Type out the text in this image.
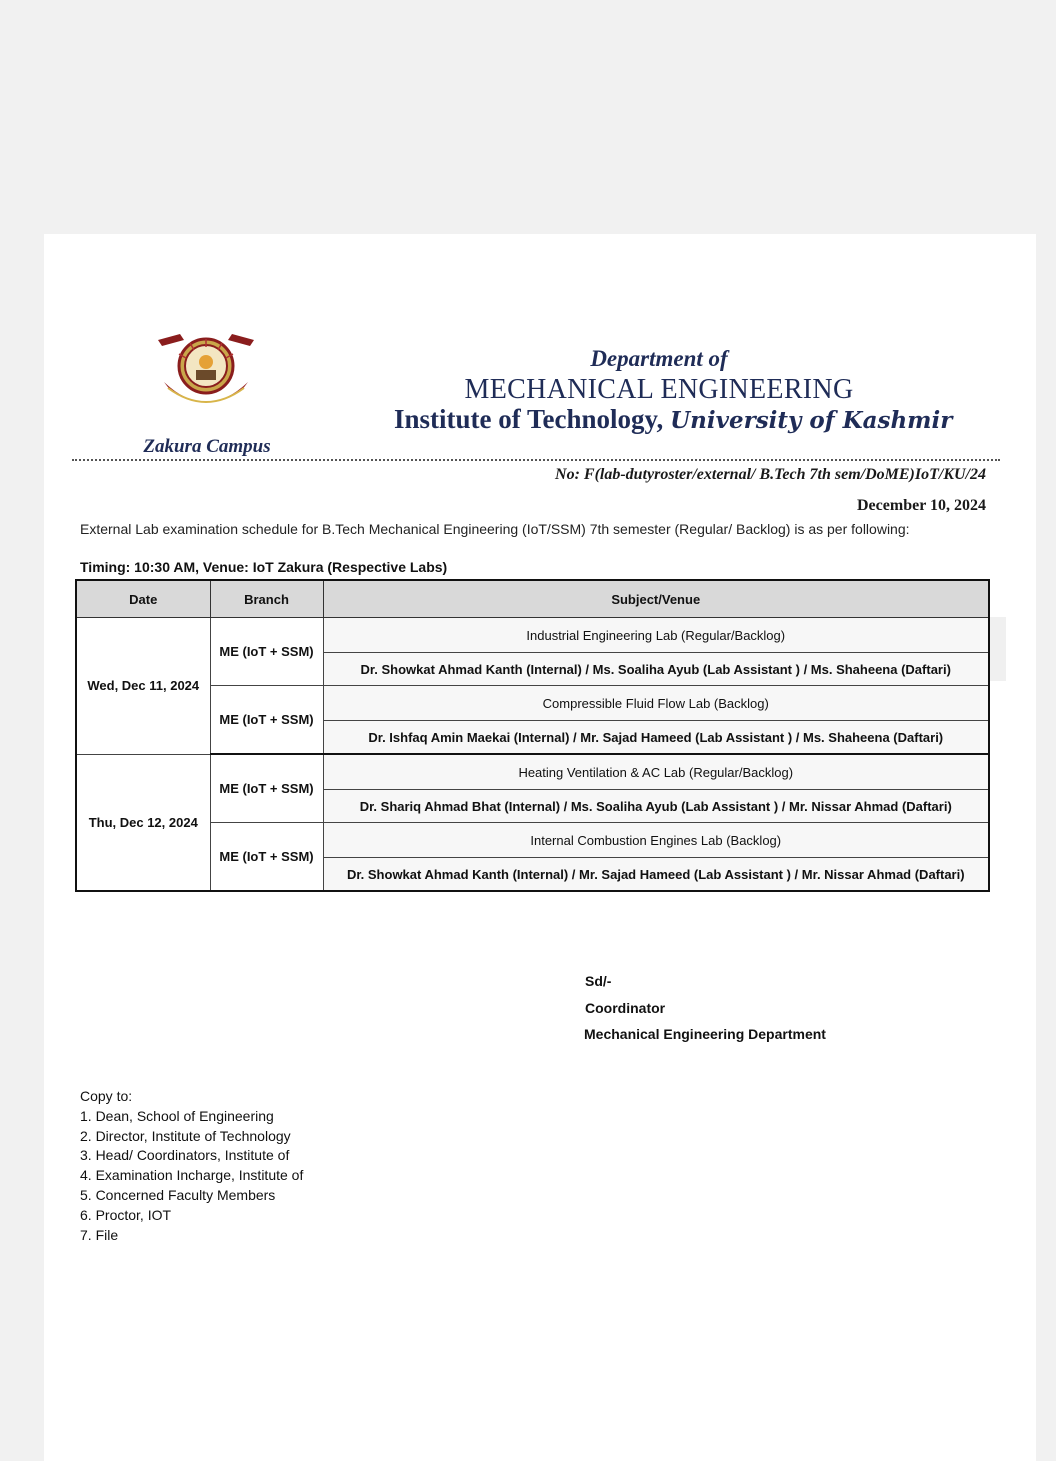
Zakura Campus
Department of
MECHANICAL ENGINEERING
Institute of Technology, University of Kashmir
No: F(lab-dutyroster/external/ B.Tech 7th sem/DoME)IoT/KU/24
December 10, 2024
External Lab examination schedule for B.Tech Mechanical Engineering (IoT/SSM) 7th semester (Regular/ Backlog) is as per following:
Timing: 10:30 AM, Venue: IoT Zakura (Respective Labs)
Date	Branch	Subject/Venue
Wed, Dec 11, 2024	ME (IoT + SSM)	Industrial Engineering Lab (Regular/Backlog)
		Dr. Showkat Ahmad Kanth (Internal) / Ms. Soaliha Ayub (Lab Assistant ) / Ms. Shaheena (Daftari)
	ME (IoT + SSM)	Compressible Fluid Flow Lab (Backlog)
		Dr. Ishfaq Amin Maekai (Internal) / Mr. Sajad Hameed (Lab Assistant ) / Ms. Shaheena (Daftari)
Thu, Dec 12, 2024	ME (IoT + SSM)	Heating Ventilation & AC Lab (Regular/Backlog)
		Dr. Shariq Ahmad Bhat (Internal) / Ms. Soaliha Ayub (Lab Assistant ) / Mr. Nissar Ahmad (Daftari)
	ME (IoT + SSM)	Internal Combustion Engines Lab (Backlog)
		Dr. Showkat Ahmad Kanth (Internal) / Mr. Sajad Hameed (Lab Assistant ) / Mr. Nissar Ahmad (Daftari)
Sd/-
Coordinator
Mechanical Engineering Department
Copy to:
1. Dean, School of Engineering
2. Director, Institute of Technology
3. Head/ Coordinators, Institute of
4. Examination Incharge, Institute of
5. Concerned Faculty Members
6. Proctor, IOT
7. File
